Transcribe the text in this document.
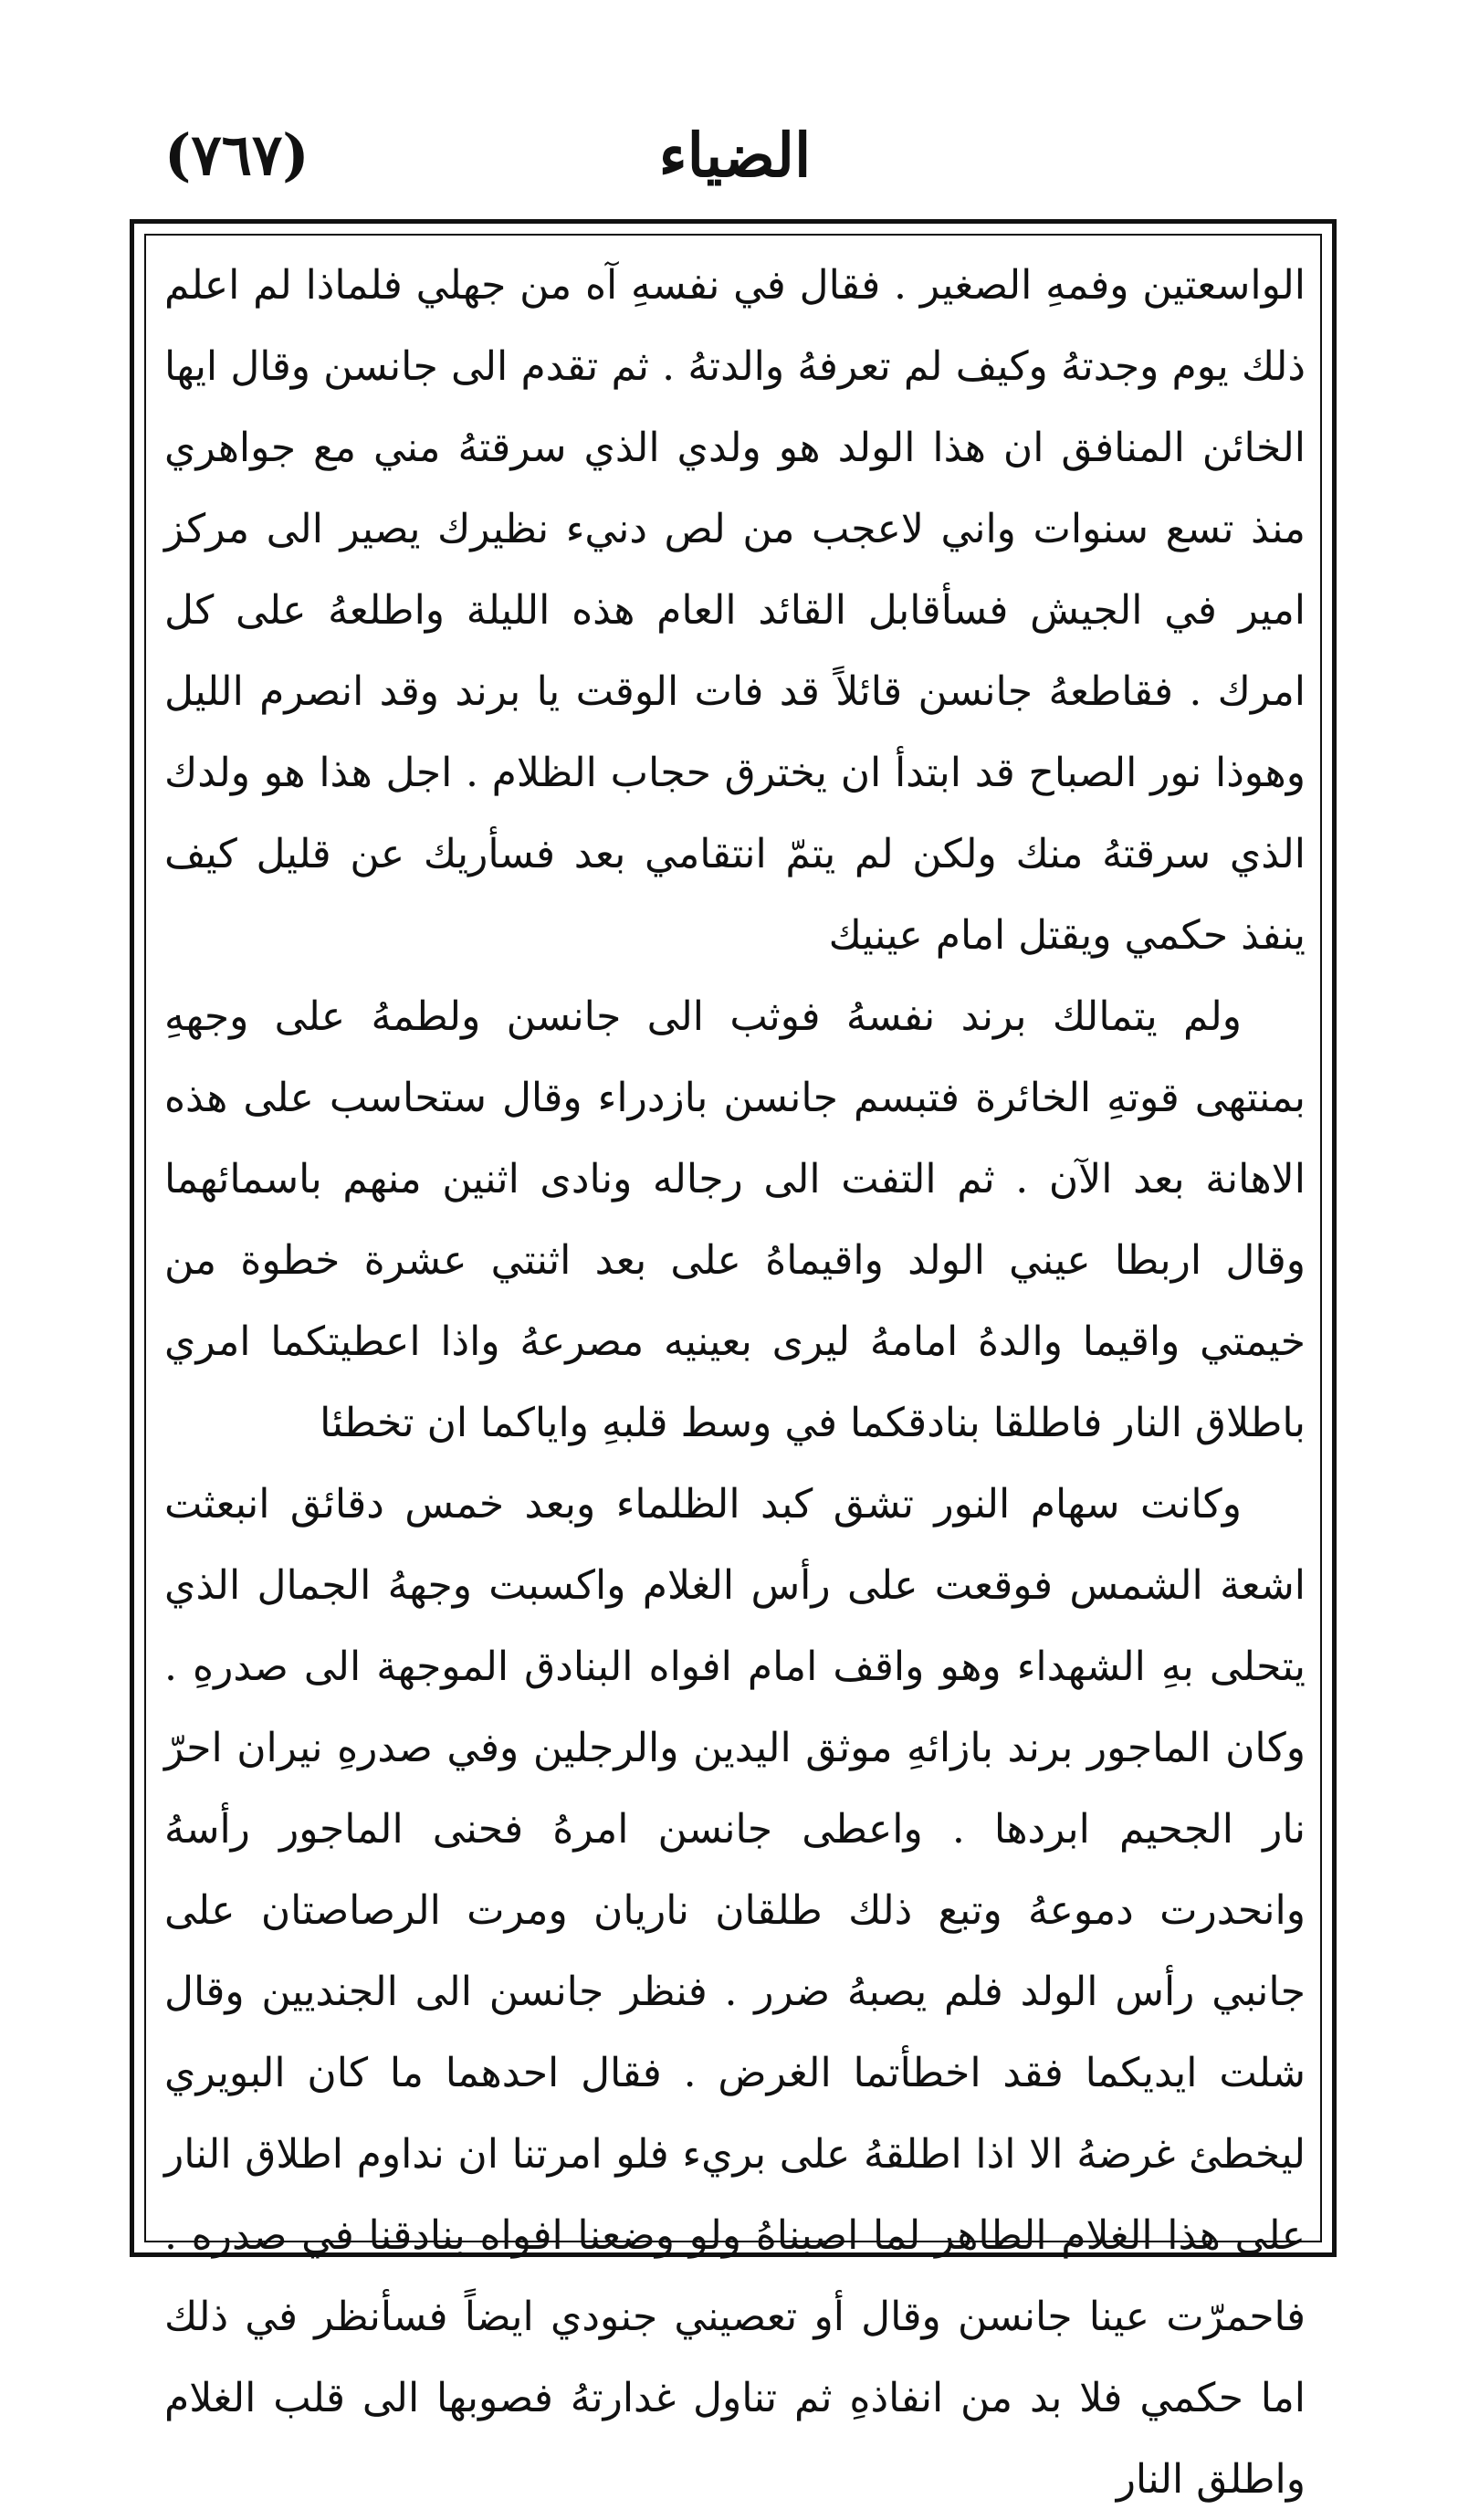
الضياء
(٧٦٧)

الواسعتين وفمهِ الصغير . فقال في نفسهِ آه من جهلي فلماذا لم اعلم ذلك يوم وجدتهُ وكيف لم تعرفهُ والدتهُ . ثم تقدم الى جانسن وقال ايها الخائن المنافق ان هذا الولد هو ولدي الذي سرقتهُ مني مع جواهري منذ تسع سنوات واني لاعجب من لص دنيء نظيرك يصير الى مركز امير في الجيش فسأقابل القائد العام هذه الليلة واطلعهُ على كل امرك . فقاطعهُ جانسن قائلاً قد فات الوقت يا برند وقد انصرم الليل وهوذا نور الصباح قد ابتدأ ان يخترق حجاب الظلام . اجل هذا هو ولدك الذي سرقتهُ منك ولكن لم يتمّ انتقامي بعد فسأريك عن قليل كيف ينفذ حكمي ويقتل امام عينيك

ولم يتمالك برند نفسهُ فوثب الى جانسن ولطمهُ على وجههِ بمنتهى قوتهِ الخائرة فتبسم جانسن بازدراء وقال ستحاسب على هذه الاهانة بعد الآن . ثم التفت الى رجاله ونادى اثنين منهم باسمائهما وقال اربطا عيني الولد واقيماهُ على بعد اثنتي عشرة خطوة من خيمتي واقيما والدهُ امامهُ ليرى بعينيه مصرعهُ واذا اعطيتكما امري باطلاق النار فاطلقا بنادقكما في وسط قلبهِ واياكما ان تخطئا

وكانت سهام النور تشق كبد الظلماء وبعد خمس دقائق انبعثت اشعة الشمس فوقعت على رأس الغلام واكسبت وجههُ الجمال الذي يتحلى بهِ الشهداء وهو واقف امام افواه البنادق الموجهة الى صدرهِ . وكان الماجور برند بازائهِ موثق اليدين والرجلين وفي صدرهِ نيران احرّ نار الجحيم ابردها . واعطى جانسن امرهُ فحنى الماجور رأسهُ وانحدرت دموعهُ وتبع ذلك طلقان ناريان ومرت الرصاصتان على جانبي رأس الولد فلم يصبهُ ضرر . فنظر جانسن الى الجنديين وقال شلت ايديكما فقد اخطأتما الغرض . فقال احدهما ما كان البويري ليخطئ غرضهُ الا اذا اطلقهُ على بريء فلو امرتنا ان نداوم اطلاق النار على هذا الغلام الطاهر لما اصبناهُ ولو وضعنا افواه بنادقنا في صدرهِ . فاحمرّت عينا جانسن وقال أو تعصيني جنودي ايضاً فسأنظر في ذلك اما حكمي فلا بد من انفاذهِ ثم تناول غدارتهُ فصوبها الى قلب الغلام واطلق النار
